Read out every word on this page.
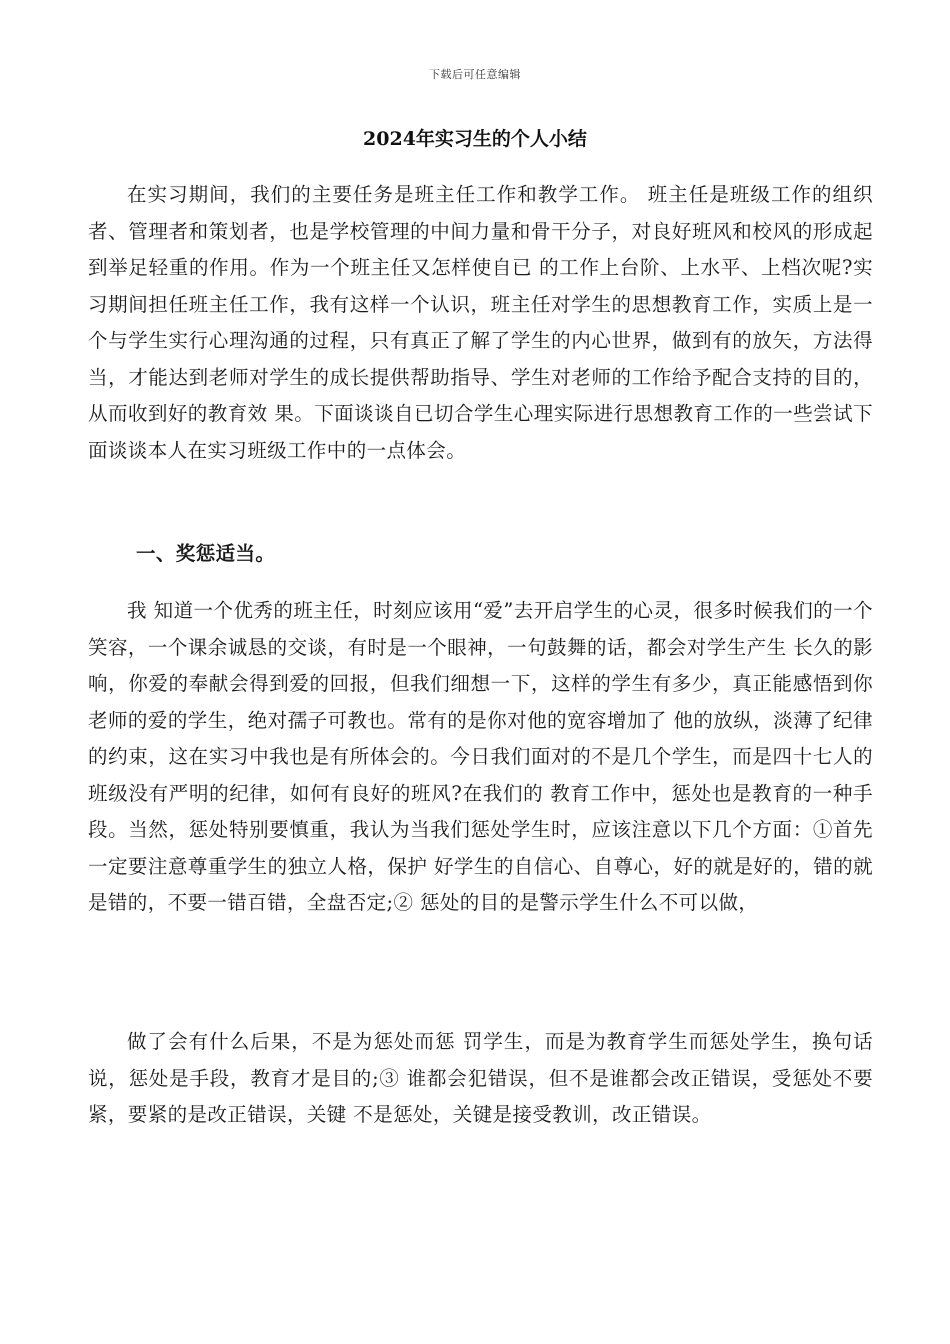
下载后可任意编辑
2024年实习生的个人小结

在实习期间，我们的主要任务是班主任工作和教学工作。 班主任是班级工作的组织者、管理者和策划者，也是学校管理的中间力量和骨干分子，对良好班风和校风的形成起到举足轻重的作用。作为一个班主任又怎样使自已 的工作上台阶、上水平、上档次呢?实习期间担任班主任工作，我有这样一个认识，班主任对学生的思想教育工作，实质上是一个与学生实行心理沟通的过程，只有真正了解了学生的内心世界，做到有的放矢，方法得当，才能达到老师对学生的成长提供帮助指导、学生对老师的工作给予配合支持的目的，从而收到好的教育效 果。下面谈谈自已切合学生心理实际进行思想教育工作的一些尝试下面谈谈本人在实习班级工作中的一点体会。

一、奖惩适当。

我 知道一个优秀的班主任，时刻应该用“爱”去开启学生的心灵，很多时候我们的一个笑容，一个课余诚恳的交谈，有时是一个眼神，一句鼓舞的话，都会对学生产生 长久的影响，你爱的奉献会得到爱的回报，但我们细想一下，这样的学生有多少，真正能感悟到你老师的爱的学生，绝对孺子可教也。常有的是你对他的宽容增加了 他的放纵，淡薄了纪律的约束，这在实习中我也是有所体会的。今日我们面对的不是几个学生，而是四十七人的班级没有严明的纪律，如何有良好的班风?在我们的 教育工作中，惩处也是教育的一种手段。当然，惩处特别要慎重，我认为当我们惩处学生时，应该注意以下几个方面：①首先一定要注意尊重学生的独立人格，保护 好学生的自信心、自尊心，好的就是好的，错的就是错的，不要一错百错，全盘否定;② 惩处的目的是警示学生什么不可以做，

做了会有什么后果，不是为惩处而惩 罚学生，而是为教育学生而惩处学生，换句话说，惩处是手段，教育才是目的;③ 谁都会犯错误，但不是谁都会改正错误，受惩处不要紧，要紧的是改正错误，关键 不是惩处，关键是接受教训，改正错误。
